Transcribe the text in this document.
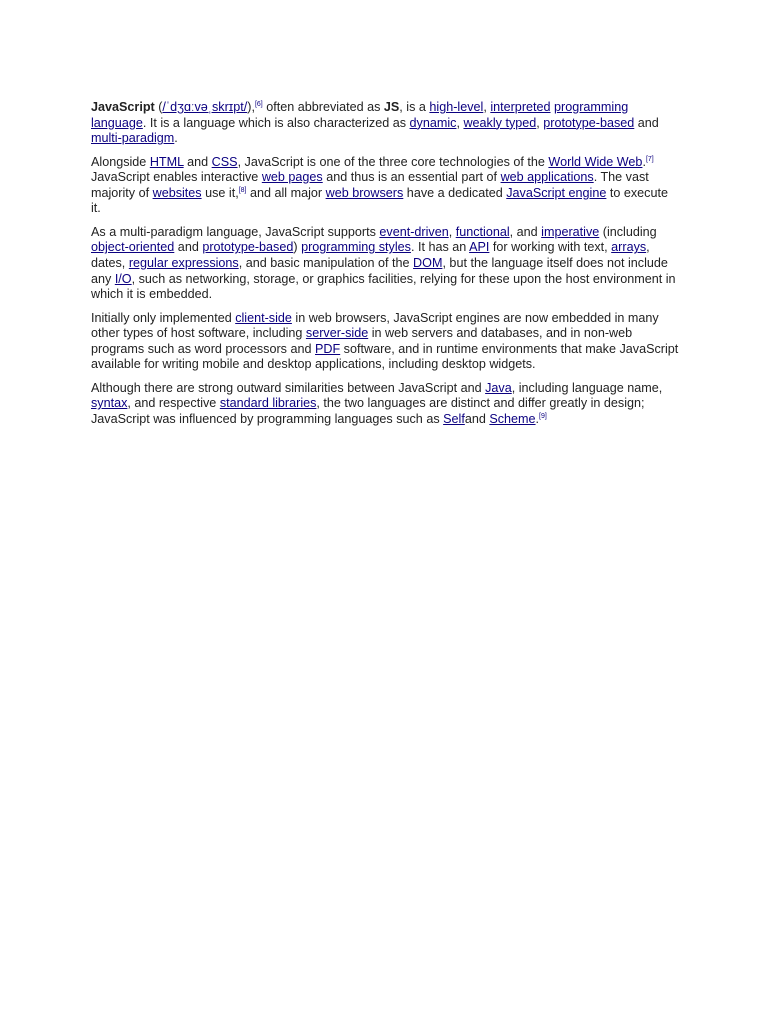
JavaScript (/ˈdʒɑːvəˌskrɪpt/),[6] often abbreviated as JS, is a high-level, interpreted programming language. It is a language which is also characterized as dynamic, weakly typed, prototype-based and multi-paradigm.

Alongside HTML and CSS, JavaScript is one of the three core technologies of the World Wide Web.[7] JavaScript enables interactive web pages and thus is an essential part of web applications. The vast majority of websites use it,[8] and all major web browsers have a dedicated JavaScript engine to execute it.

As a multi-paradigm language, JavaScript supports event-driven, functional, and imperative (including object-oriented and prototype-based) programming styles. It has an API for working with text, arrays, dates, regular expressions, and basic manipulation of the DOM, but the language itself does not include any I/O, such as networking, storage, or graphics facilities, relying for these upon the host environment in which it is embedded.

Initially only implemented client-side in web browsers, JavaScript engines are now embedded in many other types of host software, including server-side in web servers and databases, and in non-web programs such as word processors and PDF software, and in runtime environments that make JavaScript available for writing mobile and desktop applications, including desktop widgets.

Although there are strong outward similarities between JavaScript and Java, including language name, syntax, and respective standard libraries, the two languages are distinct and differ greatly in design; JavaScript was influenced by programming languages such as Selfand Scheme.[9]
